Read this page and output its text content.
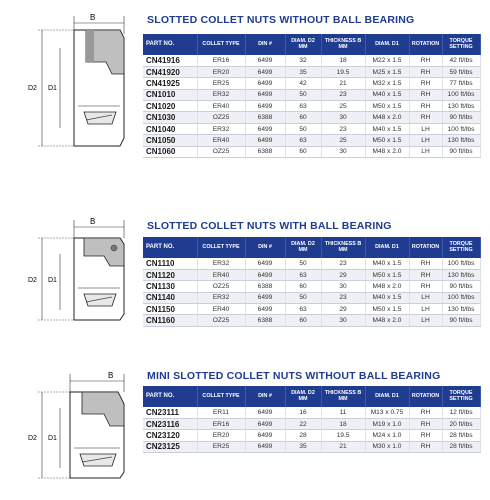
B
D2 D1
SLOTTED COLLET NUTS WITHOUT BALL BEARING
PART NO.	COLLET TYPE	DIN #	DIAM. D2 MM	THICKNESS B MM	DIAM. D1	ROTATION	TORQUE SETTING
CN41916	ER16	6499	32	18	M22 x 1.5	RH	42 ft/lbs
CN41920	ER20	6499	35	19.5	M25 x 1.5	RH	59 ft/lbs
CN41925	ER25	6499	42	21	M32 x 1.5	RH	77 ft/lbs
CN1010	ER32	6499	50	23	M40 x 1.5	RH	100 ft/lbs
CN1020	ER40	6499	63	25	M50 x 1.5	RH	130 ft/lbs
CN1030	OZ25	6388	60	30	M48 x 2.0	RH	90 ft/lbs
CN1040	ER32	6499	50	23	M40 x 1.5	LH	100 ft/lbs
CN1050	ER40	6499	63	25	M50 x 1.5	LH	130 ft/lbs
CN1060	OZ25	6388	60	30	M48 x 2.0	LH	90 ft/lbs
B
D2 D1
SLOTTED COLLET NUTS WITH BALL BEARING
PART NO.	COLLET TYPE	DIN #	DIAM. D2 MM	THICKNESS B MM	DIAM. D1	ROTATION	TORQUE SETTING
CN1110	ER32	6499	50	23	M40 x 1.5	RH	100 ft/lbs
CN1120	ER40	6499	63	29	M50 x 1.5	RH	130 ft/lbs
CN1130	OZ25	6388	60	30	M48 x 2.0	RH	90 ft/lbs
CN1140	ER32	6499	50	23	M40 x 1.5	LH	100 ft/lbs
CN1150	ER40	6499	63	29	M50 x 1.5	LH	130 ft/lbs
CN1160	OZ25	6388	60	30	M48 x 2.0	LH	90 ft/lbs
B
D2 D1
MINI SLOTTED COLLET NUTS WITHOUT BALL BEARING
PART NO.	COLLET TYPE	DIN #	DIAM. D2 MM	THICKNESS B MM	DIAM. D1	ROTATION	TORQUE SETTING
CN23111	ER11	6499	16	11	M13 x 0.75	RH	12 ft/lbs
CN23116	ER16	6499	22	18	M19 x 1.0	RH	20 ft/lbs
CN23120	ER20	6499	28	19.5	M24 x 1.0	RH	28 ft/lbs
CN23125	ER25	6499	35	21	M30 x 1.0	RH	28 ft/lbs
